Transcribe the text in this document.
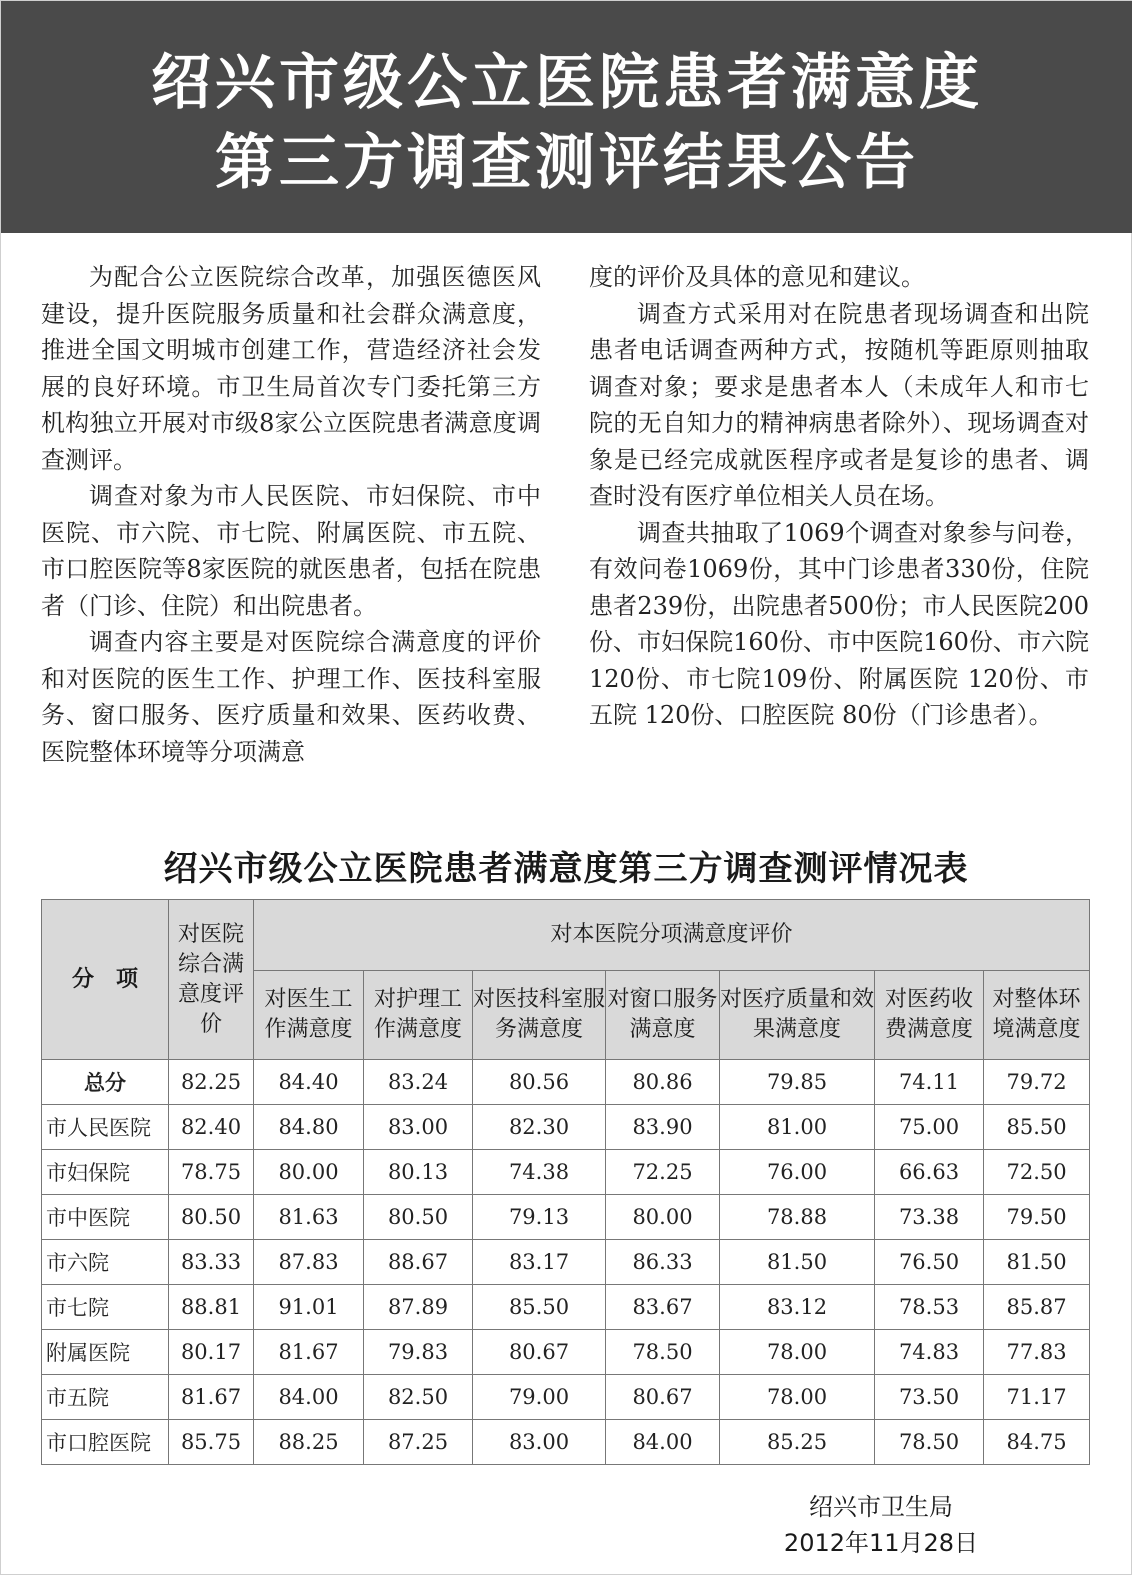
绍兴市级公立医院患者满意度
第三方调查测评结果公告

为配合公立医院综合改革，加强医德医风建设，提升医院服务质量和社会群众满意度，推进全国文明城市创建工作，营造经济社会发展的良好环境。市卫生局首次专门委托第三方机构独立开展对市级8家公立医院患者满意度调查测评。

调查对象为市人民医院、市妇保院、市中医院、市六院、市七院、附属医院、市五院、市口腔医院等8家医院的就医患者，包括在院患者（门诊、住院）和出院患者。

调查内容主要是对医院综合满意度的评价和对医院的医生工作、护理工作、医技科室服务、窗口服务、医疗质量和效果、医药收费、医院整体环境等分项满意

度的评价及具体的意见和建议。

调查方式采用对在院患者现场调查和出院患者电话调查两种方式，按随机等距原则抽取调查对象；要求是患者本人（未成年人和市七院的无自知力的精神病患者除外）、现场调查对象是已经完成就医程序或者是复诊的患者、调查时没有医疗单位相关人员在场。

调查共抽取了1069个调查对象参与问卷，有效问卷1069份，其中门诊患者330份，住院患者239份，出院患者500份；市人民医院200份、市妇保院160份、市中医院160份、市六院120份、市七院109份、附属医院 120份、市五院 120份、口腔医院 80份（门诊患者）。

绍兴市级公立医院患者满意度第三方调查测评情况表
分　项	对医院综合满意度评价	对本医院分项满意度评价						
		对医生工作满意度	对护理工作满意度	对医技科室服务满意度	对窗口服务满意度	对医疗质量和效果满意度	对医药收费满意度	对整体环境满意度
总分	82.25	84.40	83.24	80.56	80.86	79.85	74.11	79.72
市人民医院	82.40	84.80	83.00	82.30	83.90	81.00	75.00	85.50
市妇保院	78.75	80.00	80.13	74.38	72.25	76.00	66.63	72.50
市中医院	80.50	81.63	80.50	79.13	80.00	78.88	73.38	79.50
市六院	83.33	87.83	88.67	83.17	86.33	81.50	76.50	81.50
市七院	88.81	91.01	87.89	85.50	83.67	83.12	78.53	85.87
附属医院	80.17	81.67	79.83	80.67	78.50	78.00	74.83	77.83
市五院	81.67	84.00	82.50	79.00	80.67	78.00	73.50	71.17
市口腔医院	85.75	88.25	87.25	83.00	84.00	85.25	78.50	84.75
绍兴市卫生局
2012年11月28日
